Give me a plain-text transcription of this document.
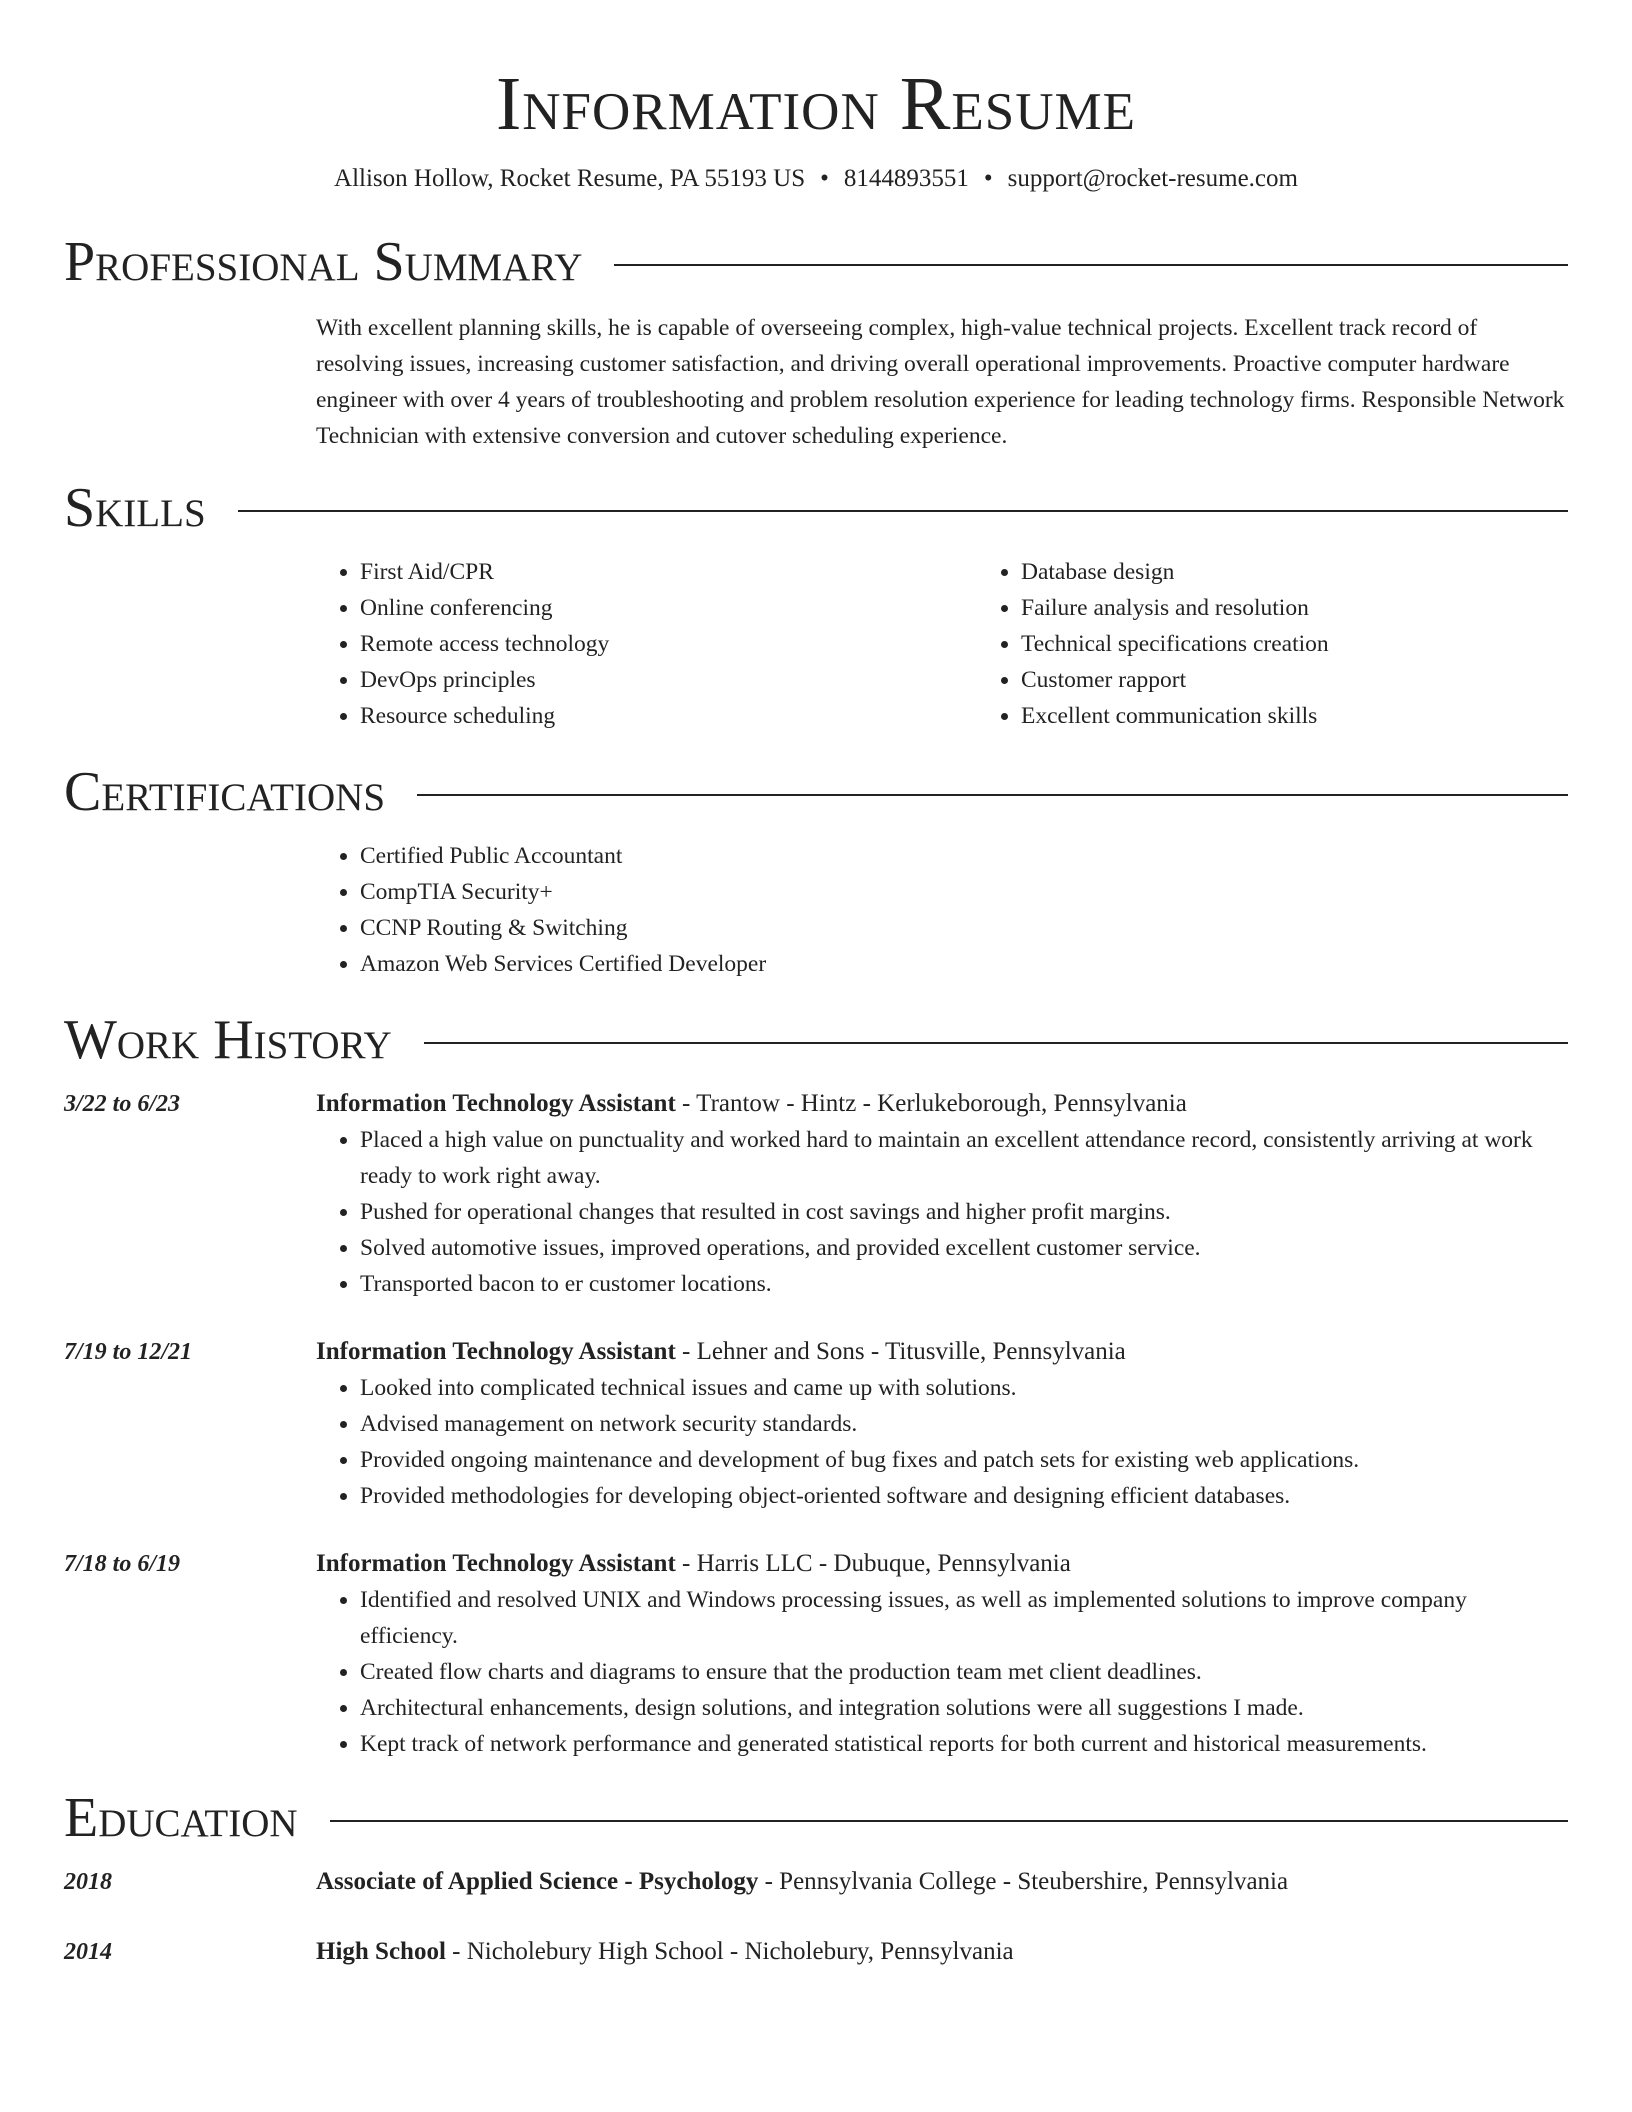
Information Resume
Allison Hollow, Rocket Resume, PA 55193 US • 8144893551 • support@rocket-resume.com
Professional Summary
With excellent planning skills, he is capable of overseeing complex, high-value technical projects. Excellent track record of resolving issues, increasing customer satisfaction, and driving overall operational improvements. Proactive computer hardware engineer with over 4 years of troubleshooting and problem resolution experience for leading technology firms. Responsible Network Technician with extensive conversion and cutover scheduling experience.
Skills
• First Aid/CPR
• Online conferencing
• Remote access technology
• DevOps principles
• Resource scheduling
• Database design
• Failure analysis and resolution
• Technical specifications creation
• Customer rapport
• Excellent communication skills
Certifications
• Certified Public Accountant
• CompTIA Security+
• CCNP Routing & Switching
• Amazon Web Services Certified Developer
Work History
3/22 to 6/23	Information Technology Assistant - Trantow - Hintz - Kerlukeborough, Pennsylvania
• Placed a high value on punctuality and worked hard to maintain an excellent attendance record, consistently arriving at work ready to work right away.
• Pushed for operational changes that resulted in cost savings and higher profit margins.
• Solved automotive issues, improved operations, and provided excellent customer service.
• Transported bacon to er customer locations.
7/19 to 12/21	Information Technology Assistant - Lehner and Sons - Titusville, Pennsylvania
• Looked into complicated technical issues and came up with solutions.
• Advised management on network security standards.
• Provided ongoing maintenance and development of bug fixes and patch sets for existing web applications.
• Provided methodologies for developing object-oriented software and designing efficient databases.
7/18 to 6/19	Information Technology Assistant - Harris LLC - Dubuque, Pennsylvania
• Identified and resolved UNIX and Windows processing issues, as well as implemented solutions to improve company efficiency.
• Created flow charts and diagrams to ensure that the production team met client deadlines.
• Architectural enhancements, design solutions, and integration solutions were all suggestions I made.
• Kept track of network performance and generated statistical reports for both current and historical measurements.
Education
2018	Associate of Applied Science - Psychology - Pennsylvania College - Steubershire, Pennsylvania
2014	High School - Nicholebury High School - Nicholebury, Pennsylvania
